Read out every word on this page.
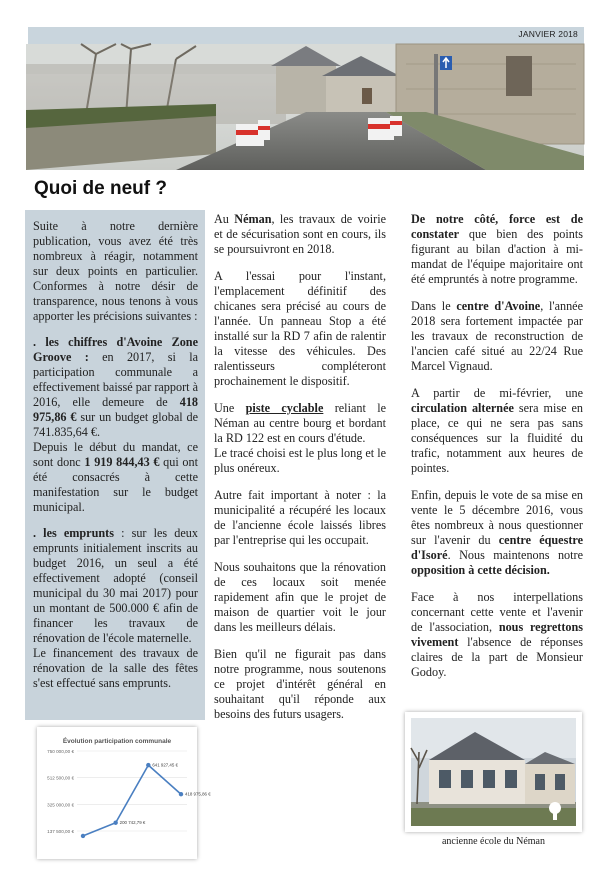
JANVIER 2018
Quoi de neuf ?

Suite à notre dernière publication, vous avez été très nombreux à réagir, notamment sur deux points en particulier. Conformes à notre désir de transparence, nous tenons à vous apporter les précisions suivantes :

. les chiffres d'Avoine Zone Groove : en 2017, si la participation communale a effectivement baissé par rapport à 2016, elle demeure de 418 975,86 € sur un budget global de 741.835,64 €.

Depuis le début du mandat, ce sont donc 1 919 844,43 € qui ont été consacrés à cette manifestation sur le budget municipal.

. les emprunts : sur les deux emprunts initialement inscrits au budget 2016, un seul a été effectivement adopté (conseil municipal du 30 mai 2017) pour un montant de 500.000 € afin de financer les travaux de rénovation de l'école maternelle.

Le financement des travaux de rénovation de la salle des fêtes s'est effectué sans emprunts.

Au Néman, les travaux de voirie et de sécurisation sont en cours, ils se poursuivront en 2018.

A l'essai pour l'instant, l'emplacement définitif des chicanes sera précisé au cours de l'année. Un panneau Stop a été installé sur la RD 7 afin de ralentir la vitesse des véhicules. Des ralentisseurs compléteront prochainement le dispositif.

Une piste cyclable reliant le Néman au centre bourg et bordant la RD 122 est en cours d'étude.

Le tracé choisi est le plus long et le plus onéreux.

Autre fait important à noter : la municipalité a récupéré les locaux de l'ancienne école laissés libres par l'entreprise qui les occupait.

Nous souhaitons que la rénovation de ces locaux soit menée rapidement afin que le projet de maison de quartier voit le jour dans les meilleurs délais.

Bien qu'il ne figurait pas dans notre programme, nous soutenons ce projet d'intérêt général en souhaitant qu'il réponde aux besoins des futurs usagers.

De notre côté, force est de constater que bien des points figurant au bilan d'action à mi-mandat de l'équipe majoritaire ont été empruntés à notre programme.

Dans le centre d'Avoine, l'année 2018 sera fortement impactée par les travaux de reconstruction de l'ancien café situé au 22/24 Rue Marcel Vignaud.

A partir de mi-février, une circulation alternée sera mise en place, ce qui ne sera pas sans conséquences sur la fluidité du trafic, notamment aux heures de pointes.

Enfin, depuis le vote de sa mise en vente le 5 décembre 2016, vous êtes nombreux à nous questionner sur l'avenir du centre équestre d'Isoré. Nous maintenons notre opposition à cette décision.

Face à nos interpellations concernant cette vente et l'avenir de l'association, nous regrettons vivement l'absence de réponses claires de la part de Monsieur Godoy.

Évolution participation communale
750 000,00 €
512 500,00 €
325 000,00 €
137 500,00 €
200 742,79 €
641 927,45 €
418 975,86 €
ancienne école du Néman
